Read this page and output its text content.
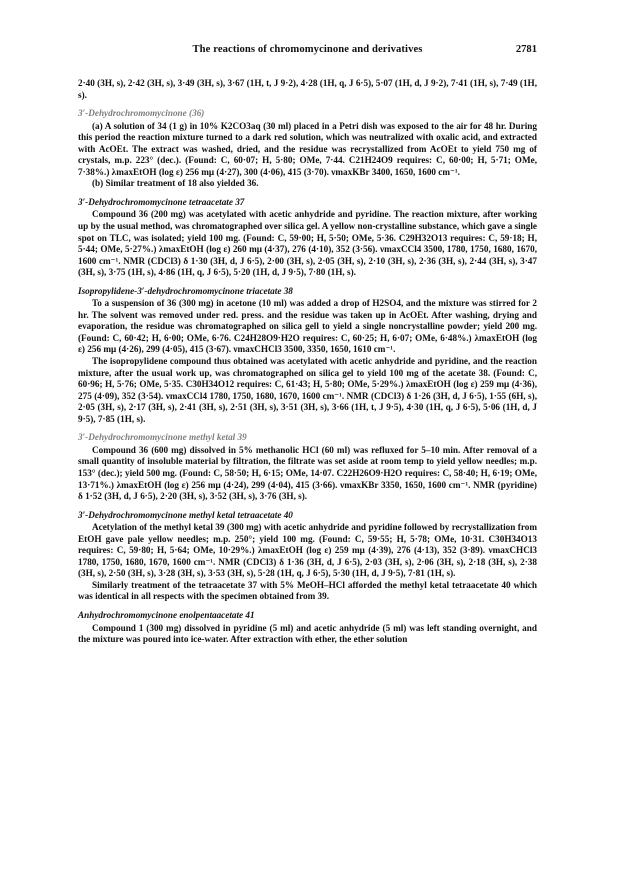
The reactions of chromomycinone and derivatives	2781

2·40 (3H, s), 2·42 (3H, s), 3·49 (3H, s), 3·67 (1H, t, J 9·2), 4·28 (1H, q, J 6·5), 5·07 (1H, d, J 9·2), 7·41 (1H, s), 7·49 (1H, s).

3′-Dehydrochromomycinone (36)

(a) A solution of 34 (1 g) in 10% K2CO3aq (30 ml) placed in a Petri dish was exposed to the air for 48 hr. During this period the reaction mixture turned to a dark red solution, which was neutralized with oxalic acid, and extracted with AcOEt. The extract was washed, dried, and the residue was recrystallized from AcOEt to yield 750 mg of crystals, m.p. 223° (dec.). (Found: C, 60·07; H, 5·80; OMe, 7·44. C21H24O9 requires: C, 60·00; H, 5·71; OMe, 7·38%.) λmaxEtOH (log ε) 256 mμ (4·27), 300 (4·06), 415 (3·70). νmaxKBr 3400, 1650, 1600 cm⁻¹.

(b) Similar treatment of 18 also yielded 36.

3′-Dehydrochromomycinone tetraacetate 37

Compound 36 (200 mg) was acetylated with acetic anhydride and pyridine. The reaction mixture, after working up by the usual method, was chromatographed over silica gel. A yellow non-crystalline substance, which gave a single spot on TLC, was isolated; yield 100 mg. (Found: C, 59·00; H, 5·50; OMe, 5·36. C29H32O13 requires: C, 59·18; H, 5·44; OMe, 5·27%.) λmaxEtOH (log ε) 260 mμ (4·37), 276 (4·10), 352 (3·56). νmaxCCl4 3500, 1780, 1750, 1680, 1670, 1600 cm⁻¹. NMR (CDCl3) δ 1·30 (3H, d, J 6·5), 2·00 (3H, s), 2·05 (3H, s), 2·10 (3H, s), 2·36 (3H, s), 2·44 (3H, s), 3·47 (3H, s), 3·75 (1H, s), 4·86 (1H, q, J 6·5), 5·20 (1H, d, J 9·5), 7·80 (1H, s).

Isopropylidene-3′-dehydrochromomycinone triacetate 38

To a suspension of 36 (300 mg) in acetone (10 ml) was added a drop of H2SO4, and the mixture was stirred for 2 hr. The solvent was removed under red. press. and the residue was taken up in AcOEt. After washing, drying and evaporation, the residue was chromatographed on silica gell to yield a single noncrystalline powder; yield 200 mg. (Found: C, 60·42; H, 6·00; OMe, 6·76. C24H28O9·H2O requires: C, 60·25; H, 6·07; OMe, 6·48%.) λmaxEtOH (log ε) 256 mμ (4·26), 299 (4·05), 415 (3·67). νmaxCHCl3 3500, 3350, 1650, 1610 cm⁻¹.

The isopropylidene compound thus obtained was acetylated with acetic anhydride and pyridine, and the reaction mixture, after the usual work up, was chromatographed on silica gel to yield 100 mg of the acetate 38. (Found: C, 60·96; H, 5·76; OMe, 5·35. C30H34O12 requires: C, 61·43; H, 5·80; OMe, 5·29%.) λmaxEtOH (log ε) 259 mμ (4·36), 275 (4·09), 352 (3·54). νmaxCCl4 1780, 1750, 1680, 1670, 1600 cm⁻¹. NMR (CDCl3) δ 1·26 (3H, d, J 6·5), 1·55 (6H, s), 2·05 (3H, s), 2·17 (3H, s), 2·41 (3H, s), 2·51 (3H, s), 3·51 (3H, s), 3·66 (1H, t, J 9·5), 4·30 (1H, q, J 6·5), 5·06 (1H, d, J 9·5), 7·85 (1H, s).

3′-Dehydrochromomycinone methyl ketal 39

Compound 36 (600 mg) dissolved in 5% methanolic HCl (60 ml) was refluxed for 5–10 min. After removal of a small quantity of insoluble material by filtration, the filtrate was set aside at room temp to yield yellow needles; m.p. 153° (dec.); yield 500 mg. (Found: C, 58·50; H, 6·15; OMe, 14·07. C22H26O9·H2O requires: C, 58·40; H, 6·19; OMe, 13·71%.) λmaxEtOH (log ε) 256 mμ (4·24), 299 (4·04), 415 (3·66). νmaxKBr 3350, 1650, 1600 cm⁻¹. NMR (pyridine) δ 1·52 (3H, d, J 6·5), 2·20 (3H, s), 3·52 (3H, s), 3·76 (3H, s).

3′-Dehydrochromomycinone methyl ketal tetraacetate 40

Acetylation of the methyl ketal 39 (300 mg) with acetic anhydride and pyridine followed by recrystallization from EtOH gave pale yellow needles; m.p. 250°; yield 100 mg. (Found: C, 59·55; H, 5·78; OMe, 10·31. C30H34O13 requires: C, 59·80; H, 5·64; OMe, 10·29%.) λmaxEtOH (log ε) 259 mμ (4·39), 276 (4·13), 352 (3·89). νmaxCHCl3 1780, 1750, 1680, 1670, 1600 cm⁻¹. NMR (CDCl3) δ 1·36 (3H, d, J 6·5), 2·03 (3H, s), 2·06 (3H, s), 2·18 (3H, s), 2·38 (3H, s), 2·50 (3H, s), 3·28 (3H, s), 3·53 (3H, s), 5·28 (1H, q, J 6·5), 5·30 (1H, d, J 9·5), 7·81 (1H, s).

Similarly treatment of the tetraacetate 37 with 5% MeOH–HCl afforded the methyl ketal tetraacetate 40 which was identical in all respects with the specimen obtained from 39.

Anhydrochromomycinone enolpentaacetate 41

Compound 1 (300 mg) dissolved in pyridine (5 ml) and acetic anhydride (5 ml) was left standing overnight, and the mixture was poured into ice-water. After extraction with ether, the ether solution
